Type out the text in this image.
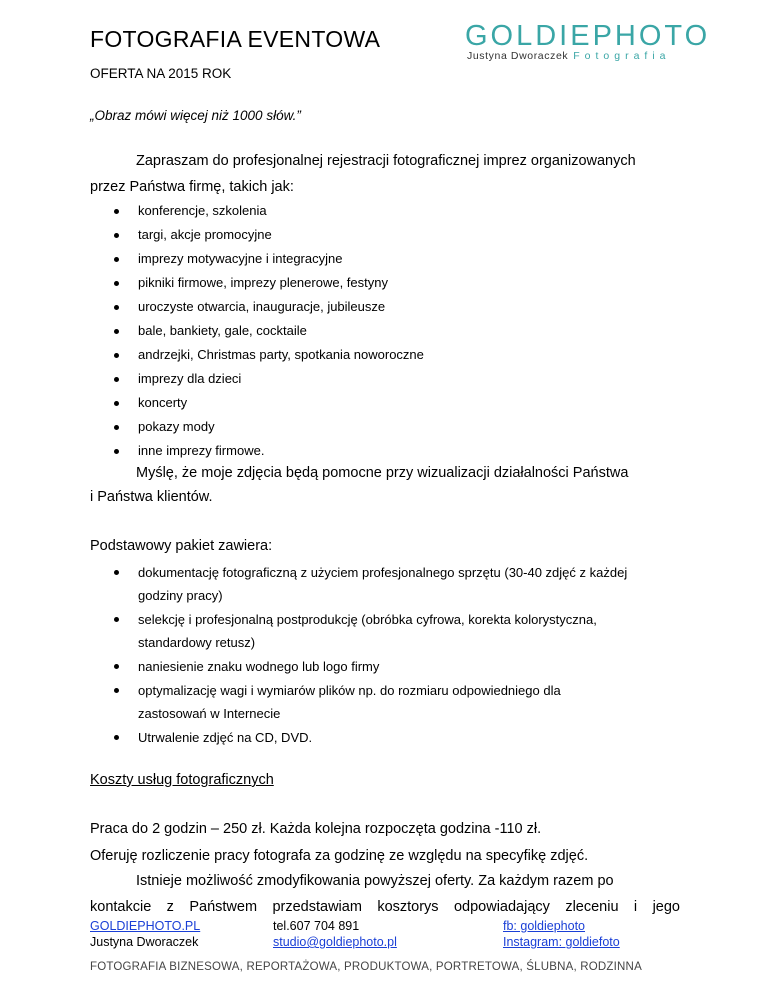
FOTOGRAFIA EVENTOWA
OFERTA NA 2015 ROK
GOLDIEPHOTO
Justyna Dworaczek Fotografia
„Obraz mówi więcej niż 1000 słów.”
Zapraszam do profesjonalnej rejestracji fotograficznej imprez organizowanych
przez Państwa firmę, takich jak:
konferencje, szkolenia
targi, akcje promocyjne
imprezy motywacyjne i integracyjne
pikniki firmowe, imprezy plenerowe, festyny
uroczyste otwarcia, inauguracje, jubileusze
bale, bankiety, gale, cocktaile
andrzejki, Christmas party, spotkania noworoczne
imprezy dla dzieci
koncerty
pokazy mody
inne imprezy firmowe.
Myślę, że moje zdjęcia będą pomocne przy wizualizacji działalności Państwa
i Państwa klientów.
Podstawowy pakiet zawiera:
dokumentację fotograficzną z użyciem profesjonalnego sprzętu (30-40 zdjęć z każdej
godziny pracy)
selekcję i profesjonalną postprodukcję (obróbka cyfrowa, korekta kolorystyczna,
standardowy retusz)
naniesienie znaku wodnego lub logo firmy
optymalizację wagi i wymiarów plików np. do rozmiaru odpowiedniego dla
zastosowań w Internecie
Utrwalenie zdjęć na CD, DVD.
Koszty usług fotograficznych
Praca do 2 godzin – 250 zł. Każda kolejna rozpoczęta godzina -110 zł.
Oferuję rozliczenie pracy fotografa za godzinę ze względu na specyfikę zdjęć.
Istnieje możliwość zmodyfikowania powyższej oferty. Za każdym razem po
kontakcie z Państwem przedstawiam kosztorys odpowiadający zleceniu i jego
GOLDIEPHOTO.PL
Justyna Dworaczek
tel.607 704 891
studio@goldiephoto.pl
fb: goldiephoto
Instagram: goldiefoto
FOTOGRAFIA BIZNESOWA, REPORTAŻOWA, PRODUKTOWA, PORTRETOWA, ŚLUBNA, RODZINNA
